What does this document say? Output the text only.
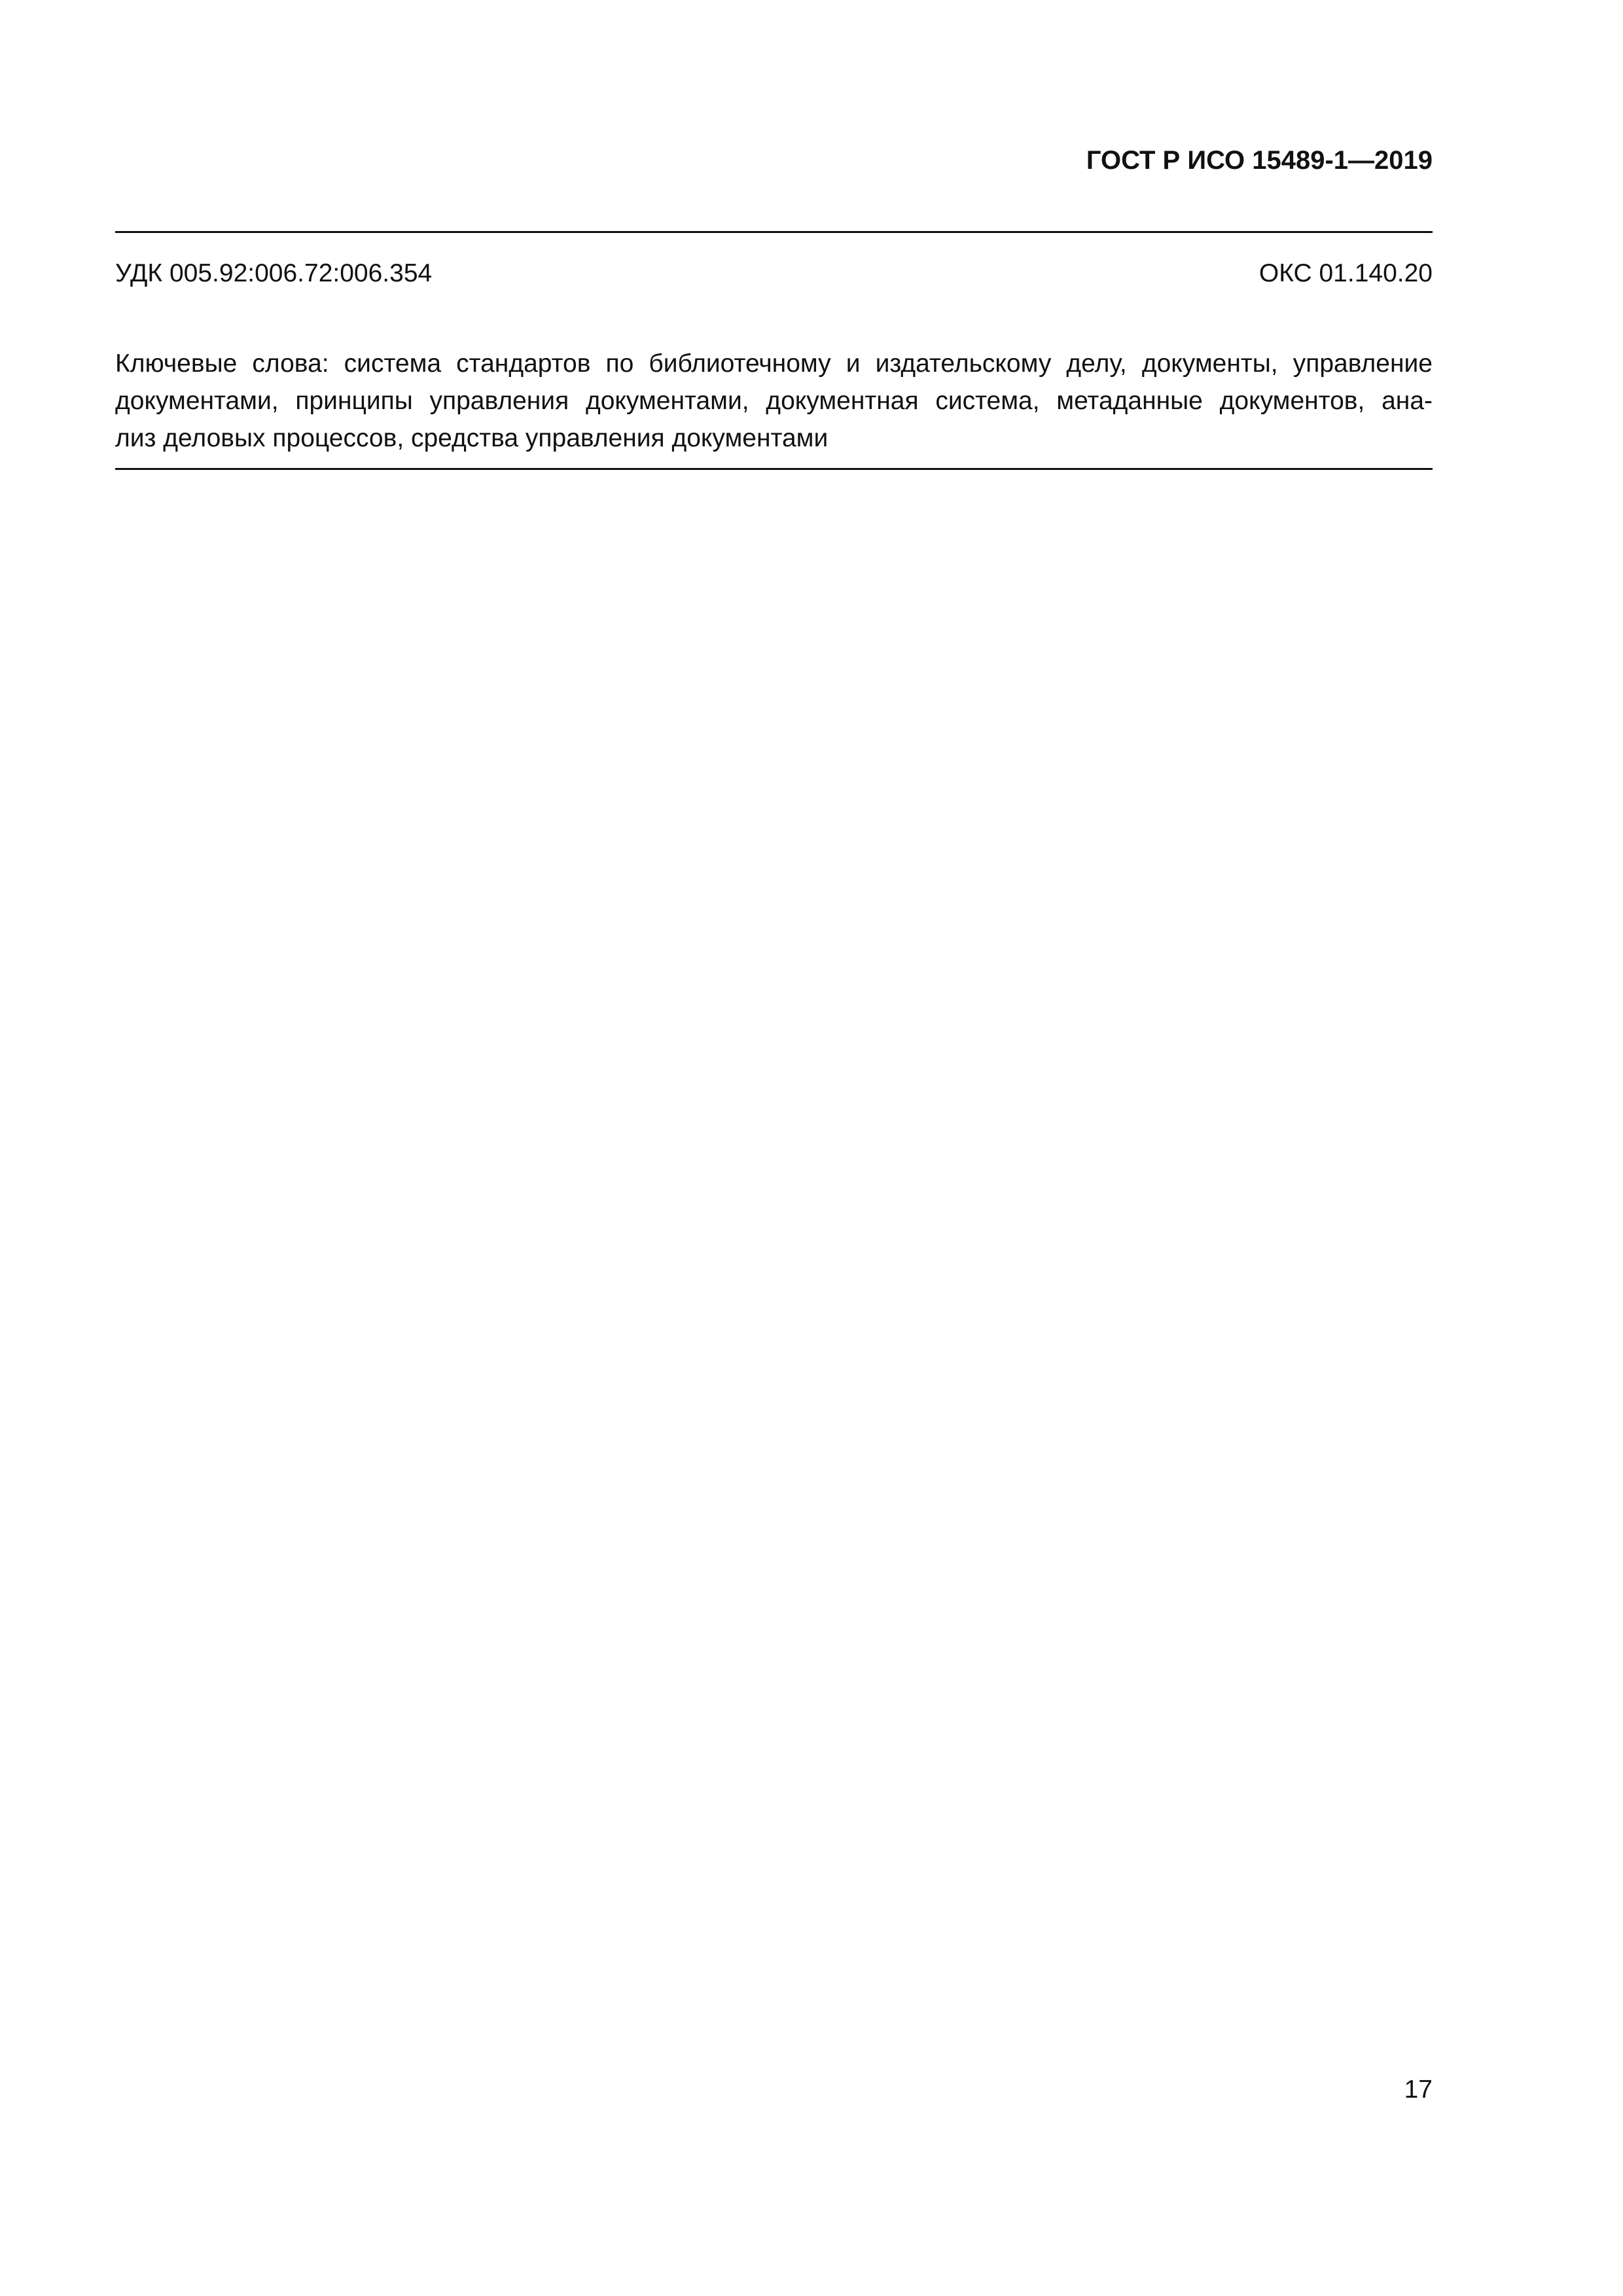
ГОСТ Р ИСО 15489-1—2019
УДК 005.92:006.72:006.354	ОКС 01.140.20
Ключевые слова: система стандартов по библиотечному и издательскому делу, документы, управление
документами, принципы управления документами, документная система, метаданные документов, ана-
лиз деловых процессов, средства управления документами
17
